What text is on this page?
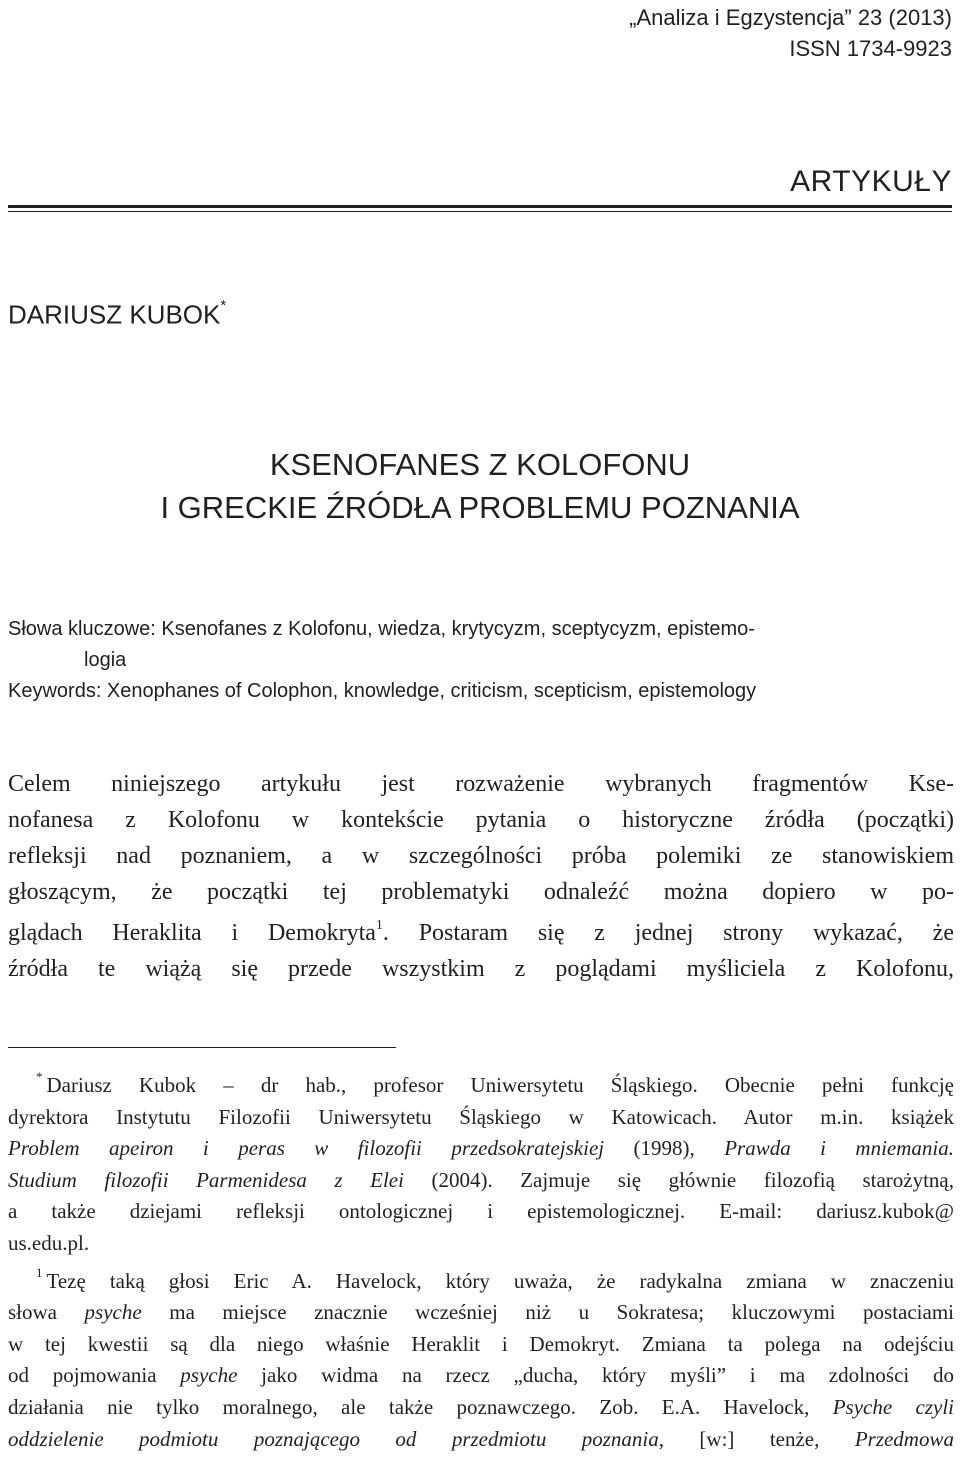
„Analiza i Egzystencja” 23 (2013)
ISSN 1734-9923
ARTYKUŁY
DARIUSZ KUBOK*
KSENOFANES Z KOLOFONU
I GRECKIE ŹRÓDŁA PROBLEMU POZNANIA
Słowa kluczowe: Ksenofanes z Kolofonu, wiedza, krytycyzm, sceptycyzm, epistemo-
logia
Keywords: Xenophanes of Colophon, knowledge, criticism, scepticism, epistemology
Celem niniejszego artykułu jest rozważenie wybranych fragmentów Kse-
nofanesa z Kolofonu w kontekście pytania o historyczne źródła (początki)
refleksji nad poznaniem, a w szczególności próba polemiki ze stanowiskiem
głoszącym, że początki tej problematyki odnaleźć można dopiero w po-
glądach Heraklita i Demokryta$^1$. Postaram się z jednej strony wykazać, że
źródła te wiążą się przede wszystkim z poglądami myśliciela z Kolofonu,
* Dariusz Kubok – dr hab., profesor Uniwersytetu Śląskiego. Obecnie pełni funkcję
dyrektora Instytutu Filozofii Uniwersytetu Śląskiego w Katowicach. Autor m.in. książek
Problem apeiron i peras w filozofii przedsokratejskiej (1998), Prawda i mniemania.
Studium filozofii Parmenidesa z Elei (2004). Zajmuje się głównie filozofią starożytną,
a także dziejami refleksji ontologicznej i epistemologicznej. E-mail: dariusz.kubok@
us.edu.pl.
$^1$ Tezę taką głosi Eric A. Havelock, który uważa, że radykalna zmiana w znaczeniu
słowa psyche ma miejsce znacznie wcześniej niż u Sokratesa; kluczowymi postaciami
w tej kwestii są dla niego właśnie Heraklit i Demokryt. Zmiana ta polega na odejściu
od pojmowania psyche jako widma na rzecz „ducha, który myśli” i ma zdolności do
działania nie tylko moralnego, ale także poznawczego. Zob. E.A. Havelock, Psyche czyli
oddzielenie podmiotu poznającego od przedmiotu poznania, [w:] tenże, Przedmowa
